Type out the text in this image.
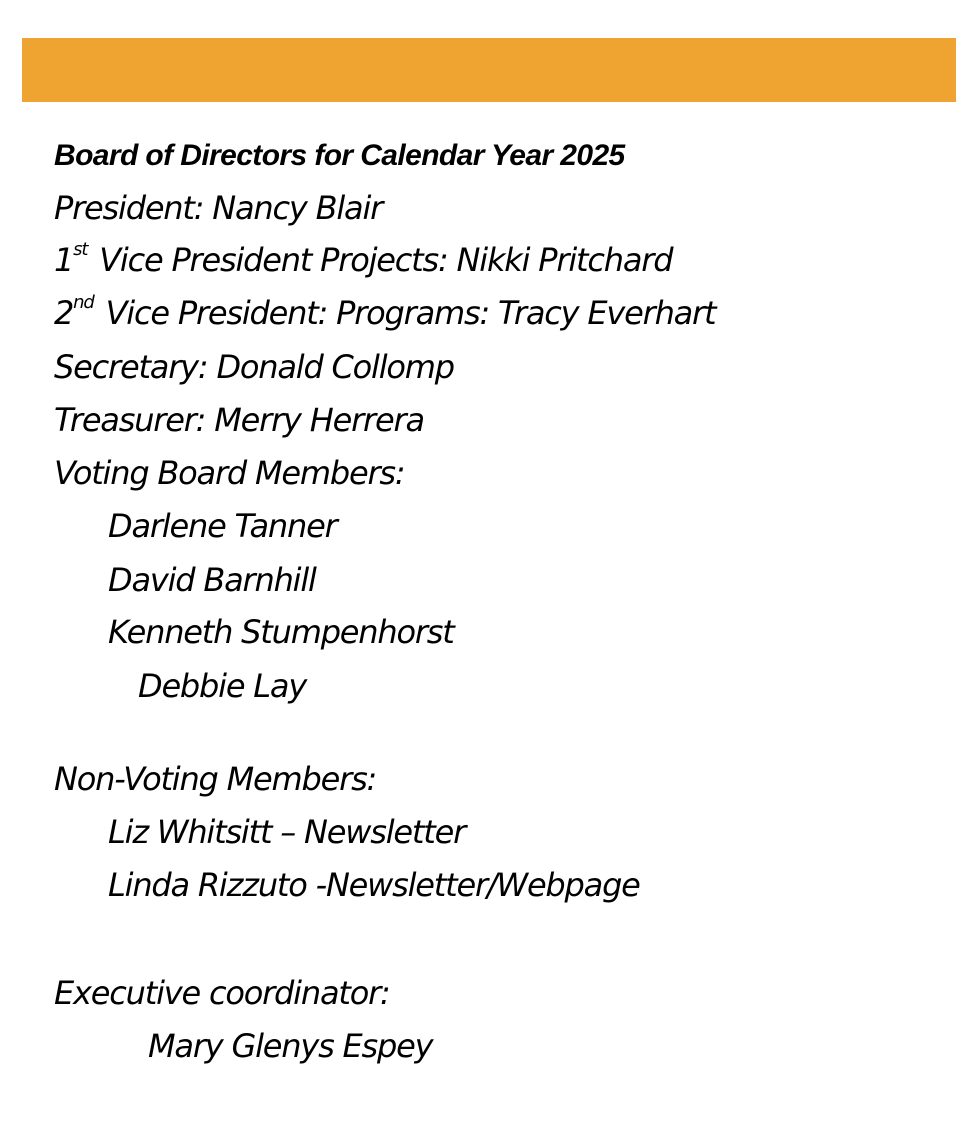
Board of Directors for Calendar Year 2025
President: Nancy Blair
1st Vice President Projects: Nikki Pritchard
2nd Vice President: Programs: Tracy Everhart
Secretary: Donald Collomp
Treasurer: Merry Herrera
Voting Board Members:
Darlene Tanner
David Barnhill
Kenneth Stumpenhorst
Debbie Lay
Non-Voting Members:
Liz Whitsitt – Newsletter
Linda Rizzuto -Newsletter/Webpage
Executive coordinator:
Mary Glenys Espey
